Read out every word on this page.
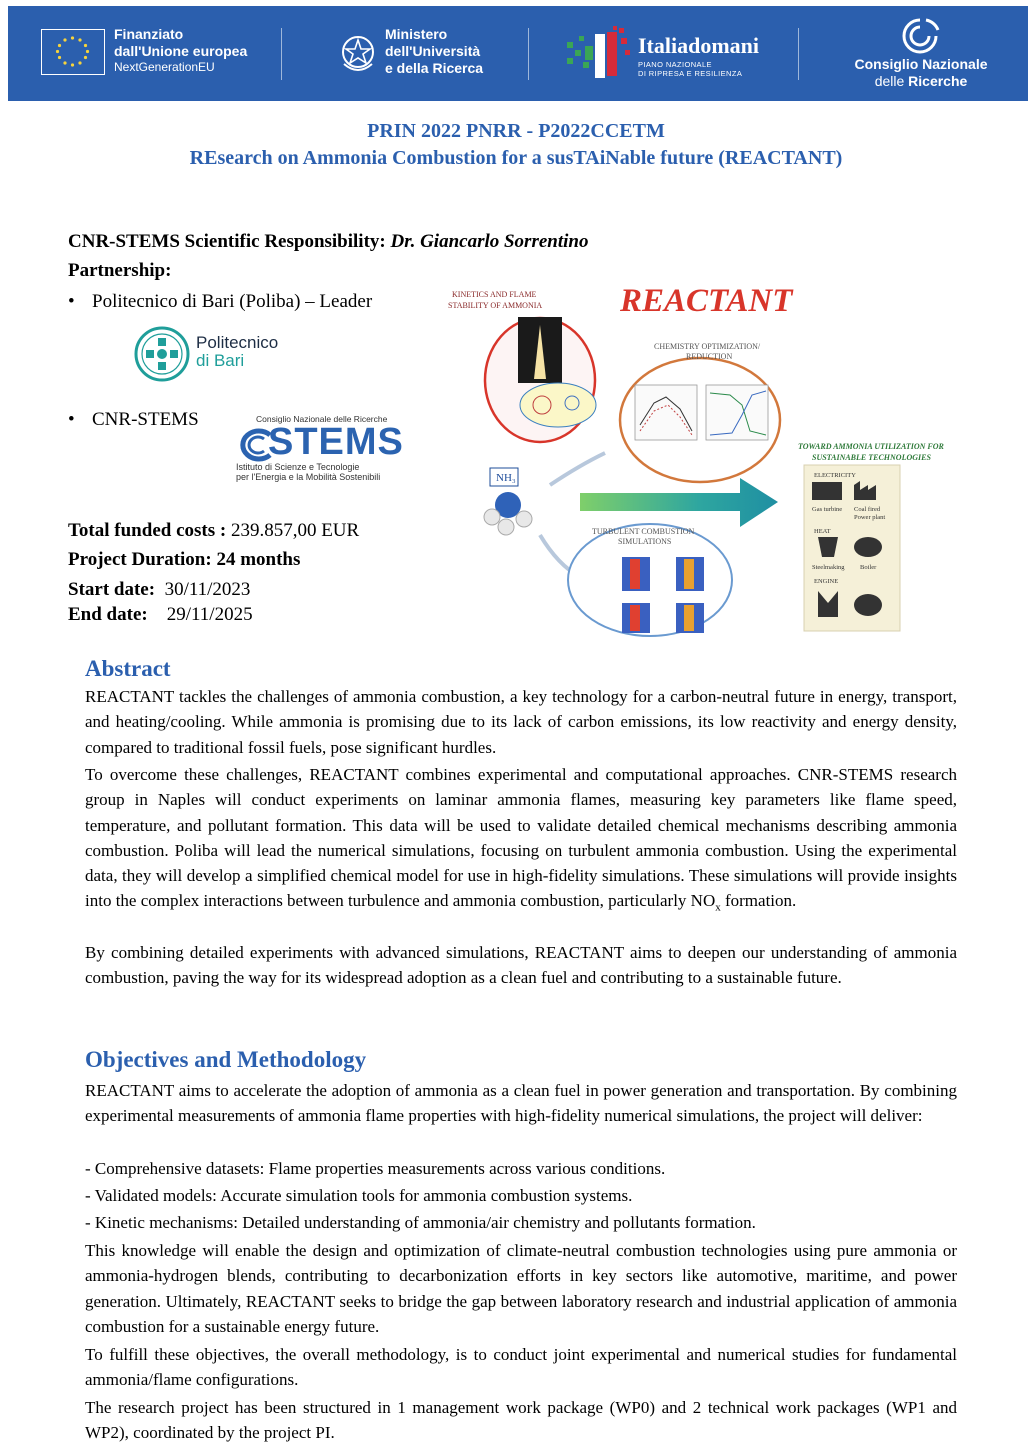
Finanziato
dall'Unione europea
NextGenerationEU
Ministero
dell'Università
e della Ricerca
Italiadomani
PIANO NAZIONALE
DI RIPRESA E RESILIENZA
Consiglio Nazionale
delle Ricerche
PRIN 2022 PNRR - P2022CCETM
REsearch on Ammonia Combustion for a susTAiNable future (REACTANT)
CNR-STEMS Scientific Responsibility: Dr. Giancarlo Sorrentino
Partnership:
• Politecnico di Bari (Poliba) – Leader
Politecnico
di Bari
• CNR-STEMS	Consiglio Nazionale delle Ricerche
STEMS
Istituto di Scienze e Tecnologie
per l'Energia e la Mobilità Sostenibili
Total funded costs : 239.857,00 EUR
Project Duration: 24 months
Start date: 30/11/2023
End date: 29/11/2025
REACTANT
KINETICS AND FLAME
STABILITY OF AMMONIA
CHEMISTRY OPTIMIZATION/
REDUCTION
NH₃
TURBULENT COMBUSTION
SIMULATIONS
TOWARD AMMONIA UTILIZATION FOR
SUSTAINABLE TECHNOLOGIES
ELECTRICITY
Gas turbine Coal fired
Power plant
HEAT
Steelmaking Boiler
ENGINE
Abstract
REACTANT tackles the challenges of ammonia combustion, a key technology for a carbon-neutral future in energy, transport, and heating/cooling. While ammonia is promising due to its lack of carbon emissions, its low reactivity and energy density, compared to traditional fossil fuels, pose significant hurdles.
To overcome these challenges, REACTANT combines experimental and computational approaches. CNR-STEMS research group in Naples will conduct experiments on laminar ammonia flames, measuring key parameters like flame speed, temperature, and pollutant formation. This data will be used to validate detailed chemical mechanisms describing ammonia combustion. Poliba will lead the numerical simulations, focusing on turbulent ammonia combustion. Using the experimental data, they will develop a simplified chemical model for use in high-fidelity simulations. These simulations will provide insights into the complex interactions between turbulence and ammonia combustion, particularly $NO_x$ formation.
By combining detailed experiments with advanced simulations, REACTANT aims to deepen our understanding of ammonia combustion, paving the way for its widespread adoption as a clean fuel and contributing to a sustainable future.
Objectives and Methodology
REACTANT aims to accelerate the adoption of ammonia as a clean fuel in power generation and transportation. By combining experimental measurements of ammonia flame properties with high-fidelity numerical simulations, the project will deliver:
- Comprehensive datasets: Flame properties measurements across various conditions.
- Validated models: Accurate simulation tools for ammonia combustion systems.
- Kinetic mechanisms: Detailed understanding of ammonia/air chemistry and pollutants formation.
This knowledge will enable the design and optimization of climate-neutral combustion technologies using pure ammonia or ammonia-hydrogen blends, contributing to decarbonization efforts in key sectors like automotive, maritime, and power generation. Ultimately, REACTANT seeks to bridge the gap between laboratory research and industrial application of ammonia combustion for a sustainable energy future.
To fulfill these objectives, the overall methodology, is to conduct joint experimental and numerical studies for fundamental ammonia/flame configurations.
The research project has been structured in 1 management work package (WP0) and 2 technical work packages (WP1 and WP2), coordinated by the project PI.
